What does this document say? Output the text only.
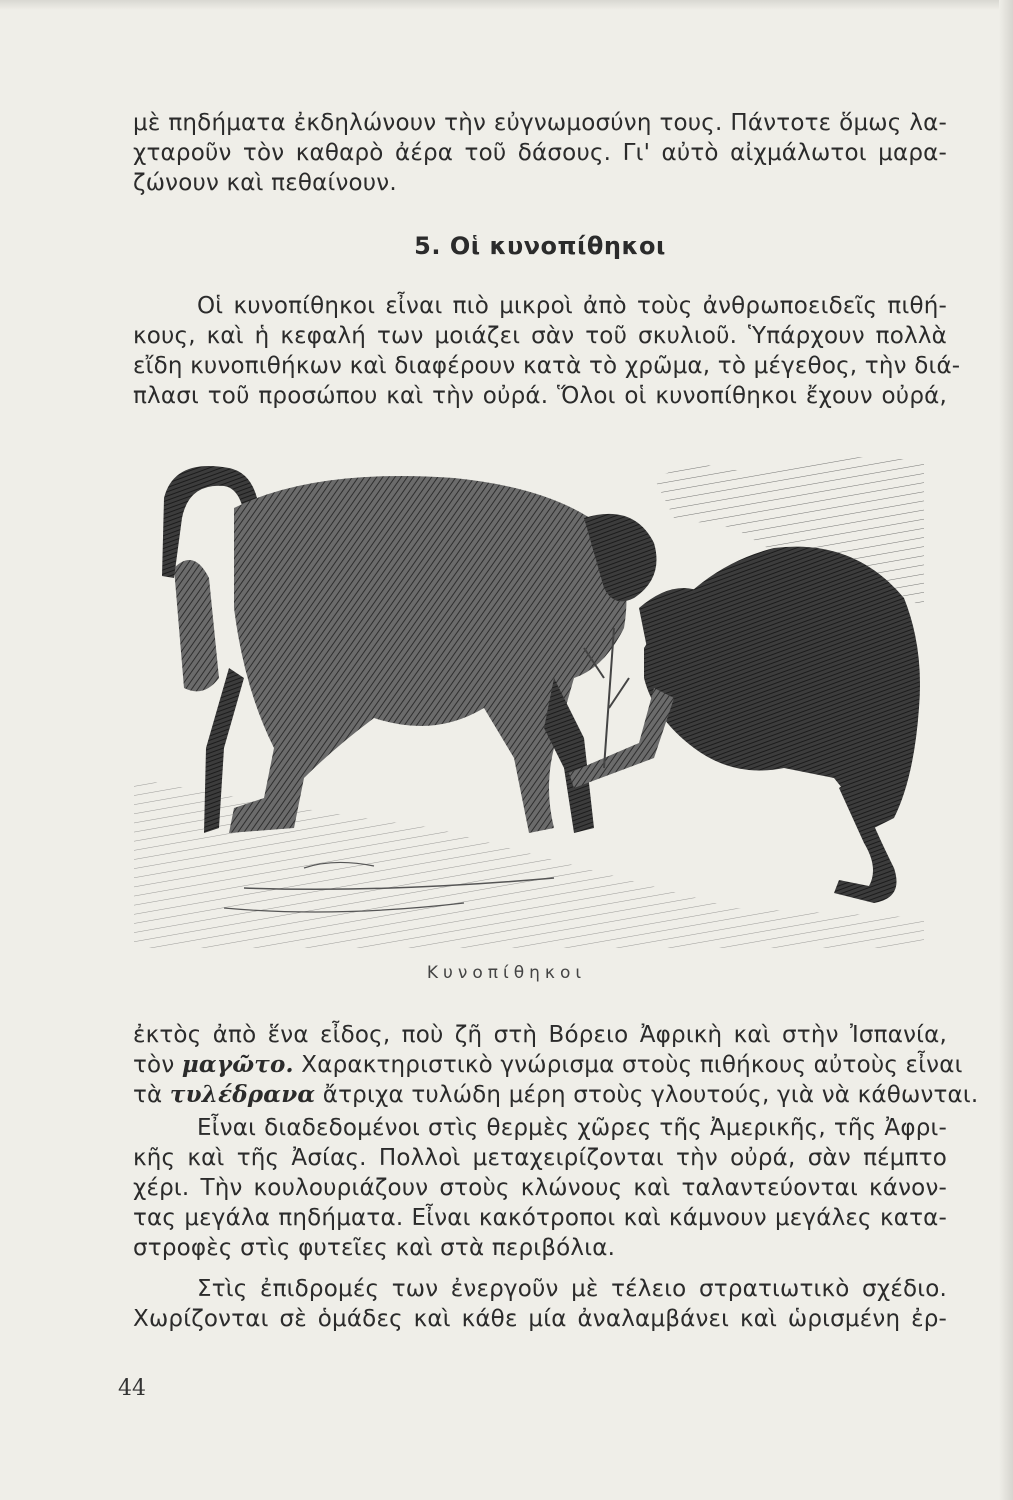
μὲ πηδήματα ἐκδηλώνουν τὴν εὐγνωμοσύνη τους. Πάντοτε ὅμως λα-
χταροῦν τὸν καθαρὸ ἀέρα τοῦ δάσους. Γι' αὐτὸ αἰχμάλωτοι μαρα-
ζώνουν καὶ πεθαίνουν.
5. Οἱ κυνοπίθηκοι
Οἱ κυνοπίθηκοι εἶναι πιὸ μικροὶ ἀπὸ τοὺς ἀνθρωποειδεῖς πιθή-
κους, καὶ ἡ κεφαλή των μοιάζει σὰν τοῦ σκυλιοῦ. Ὑπάρχουν πολλὰ
εἴδη κυνοπιθήκων καὶ διαφέρουν κατὰ τὸ χρῶμα, τὸ μέγεθος, τὴν διά-
πλασι τοῦ προσώπου καὶ τὴν οὐρά. Ὅλοι οἱ κυνοπίθηκοι ἔχουν οὐρά,
Κυνοπίθηκοι
ἐκτὸς ἀπὸ ἕνα εἶδος, ποὺ ζῆ στὴ Βόρειο Ἀφρικὴ καὶ στὴν Ἰσπανία,
τὸν μαγῶτο. Χαρακτηριστικὸ γνώρισμα στοὺς πιθήκους αὐτοὺς εἶναι
τὰ τυλέδρανα ἄτριχα τυλώδη μέρη στοὺς γλουτούς, γιὰ νὰ κάθωνται.
Εἶναι διαδεδομένοι στὶς θερμὲς χῶρες τῆς Ἀμερικῆς, τῆς Ἀφρι-
κῆς καὶ τῆς Ἀσίας. Πολλοὶ μεταχειρίζονται τὴν οὐρά, σὰν πέμπτο
χέρι. Τὴν κουλουριάζουν στοὺς κλώνους καὶ ταλαντεύονται κάνον-
τας μεγάλα πηδήματα. Εἶναι κακότροποι καὶ κάμνουν μεγάλες κατα-
στροφὲς στὶς φυτεῖες καὶ στὰ περιβόλια.
Στὶς ἐπιδρομές των ἐνεργοῦν μὲ τέλειο στρατιωτικὸ σχέδιο.
Χωρίζονται σὲ ὁμάδες καὶ κάθε μία ἀναλαμβάνει καὶ ὡρισμένη ἐρ-
44
